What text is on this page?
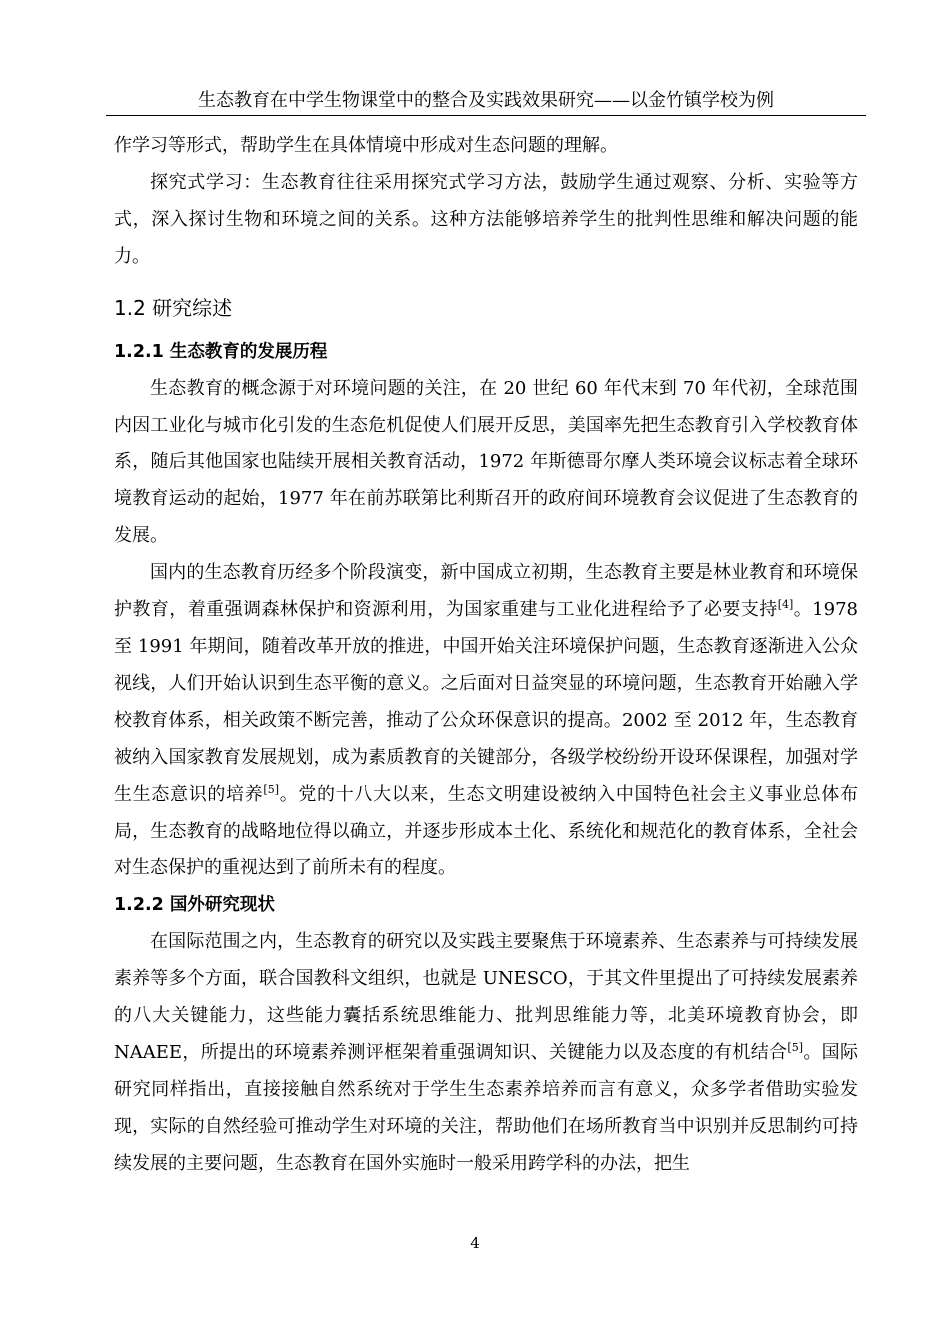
生态教育在中学生物课堂中的整合及实践效果研究——以金竹镇学校为例

作学习等形式，帮助学生在具体情境中形成对生态问题的理解。

探究式学习：生态教育往往采用探究式学习方法，鼓励学生通过观察、分析、实验等方式，深入探讨生物和环境之间的关系。这种方法能够培养学生的批判性思维和解决问题的能力。

1.2 研究综述
1.2.1 生态教育的发展历程

生态教育的概念源于对环境问题的关注，在 20 世纪 60 年代末到 70 年代初，全球范围内因工业化与城市化引发的生态危机促使人们展开反思，美国率先把生态教育引入学校教育体系，随后其他国家也陆续开展相关教育活动，1972 年斯德哥尔摩人类环境会议标志着全球环境教育运动的起始，1977 年在前苏联第比利斯召开的政府间环境教育会议促进了生态教育的发展。

国内的生态教育历经多个阶段演变，新中国成立初期，生态教育主要是林业教育和环境保护教育，着重强调森林保护和资源利用，为国家重建与工业化进程给予了必要支持[4]。1978 至 1991 年期间，随着改革开放的推进，中国开始关注环境保护问题，生态教育逐渐进入公众视线，人们开始认识到生态平衡的意义。之后面对日益突显的环境问题，生态教育开始融入学校教育体系，相关政策不断完善，推动了公众环保意识的提高。2002 至 2012 年，生态教育被纳入国家教育发展规划，成为素质教育的关键部分，各级学校纷纷开设环保课程，加强对学生生态意识的培养[5]。党的十八大以来，生态文明建设被纳入中国特色社会主义事业总体布局，生态教育的战略地位得以确立，并逐步形成本土化、系统化和规范化的教育体系，全社会对生态保护的重视达到了前所未有的程度。

1.2.2 国外研究现状

在国际范围之内，生态教育的研究以及实践主要聚焦于环境素养、生态素养与可持续发展素养等多个方面，联合国教科文组织，也就是 UNESCO，于其文件里提出了可持续发展素养的八大关键能力，这些能力囊括系统思维能力、批判思维能力等，北美环境教育协会，即 NAAEE，所提出的环境素养测评框架着重强调知识、关键能力以及态度的有机结合[5]。国际研究同样指出，直接接触自然系统对于学生生态素养培养而言有意义，众多学者借助实验发现，实际的自然经验可推动学生对环境的关注，帮助他们在场所教育当中识别并反思制约可持续发展的主要问题，生态教育在国外实施时一般采用跨学科的办法，把生

4
